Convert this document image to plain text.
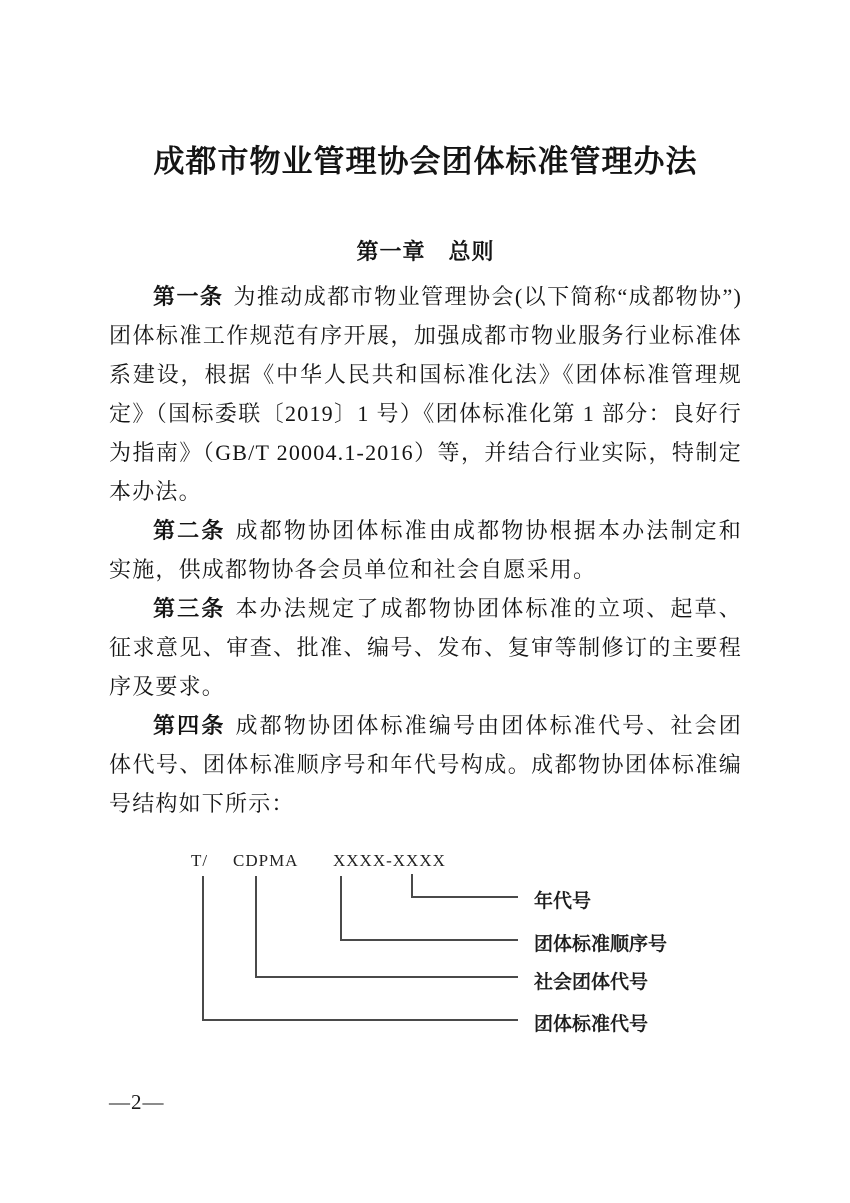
成都市物业管理协会团体标准管理办法
第一章　总则

第一条 为推动成都市物业管理协会(以下简称“成都物协”)团体标准工作规范有序开展，加强成都市物业服务行业标准体系建设，根据《中华人民共和国标准化法》《团体标准管理规定》（国标委联〔2019〕1 号）《团体标准化第 1 部分：良好行为指南》（GB/T 20004.1-2016）等，并结合行业实际，特制定本办法。

第二条 成都物协团体标准由成都物协根据本办法制定和实施，供成都物协各会员单位和社会自愿采用。

第三条 本办法规定了成都物协团体标准的立项、起草、征求意见、审查、批准、编号、发布、复审等制修订的主要程序及要求。

第四条 成都物协团体标准编号由团体标准代号、社会团体代号、团体标准顺序号和年代号构成。成都物协团体标准编号结构如下所示：

T/ CDPMA XXXX-XXXX
年代号
团体标准顺序号
社会团体代号
团体标准代号
—2—
